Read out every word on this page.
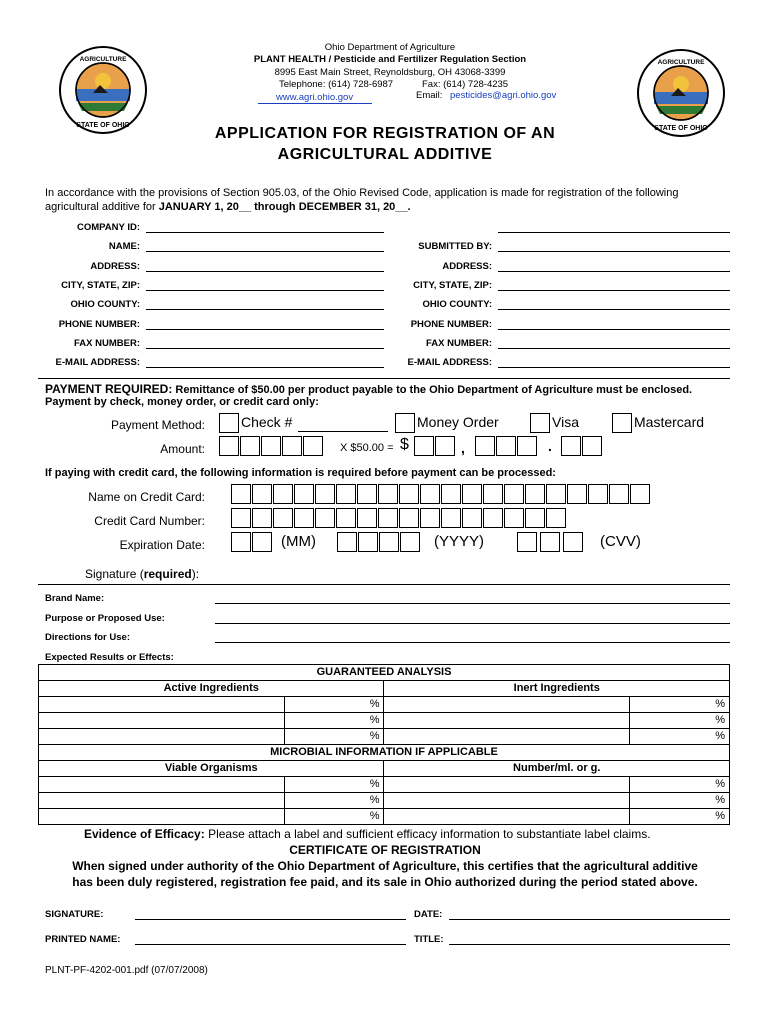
AGRICULTURE
STATE OF OHIO
AGRICULTURE
STATE OF OHIO
Ohio Department of Agriculture
PLANT HEALTH / Pesticide and Fertilizer Regulation Section
8995 East Main Street, Reynoldsburg, OH 43068-3399
Telephone: (614) 728-6987	Fax: (614) 728-4235
www.agri.ohio.gov	Email: pesticides@agri.ohio.gov
APPLICATION FOR REGISTRATION OF AN
AGRICULTURAL ADDITIVE
In accordance with the provisions of Section 905.03, of the Ohio Revised Code, application is made for registration of the following
agricultural additive for JANUARY 1, 20__ through DECEMBER 31, 20__.
COMPANY ID:
NAME:
ADDRESS:
CITY, STATE, ZIP:
OHIO COUNTY:
PHONE NUMBER:
FAX NUMBER:
E-MAIL ADDRESS:
SUBMITTED BY:
ADDRESS:
CITY, STATE, ZIP:
OHIO COUNTY:
PHONE NUMBER:
FAX NUMBER:
E-MAIL ADDRESS:
PAYMENT REQUIRED: Remittance of $50.00 per product payable to the Ohio Department of Agriculture must be enclosed.
Payment by check, money order, or credit card only:
Payment Method:	Check #	Money Order	Visa	Mastercard
Amount:	X $50.00 = $	,	.
If paying with credit card, the following information is required before payment can be processed:
Name on Credit Card:
Credit Card Number:
Expiration Date:	(MM)	(YYYY)	(CVV)
Signature (required):
Brand Name:
Purpose or Proposed Use:
Directions for Use:
Expected Results or Effects:
GUARANTEED ANALYSIS			
Active Ingredients		Inert Ingredients	
	%		%
	%		%
	%		%
MICROBIAL INFORMATION IF APPLICABLE			
Viable Organisms		Number/ml. or g.	
	%		%
	%		%
	%		%
Evidence of Efficacy: Please attach a label and sufficient efficacy information to substantiate label claims.
CERTIFICATE OF REGISTRATION
When signed under authority of the Ohio Department of Agriculture, this certifies that the agricultural additive
has been duly registered, registration fee paid, and its sale in Ohio authorized during the period stated above.
SIGNATURE:	DATE:
PRINTED NAME:	TITLE:
PLNT-PF-4202-001.pdf (07/07/2008)
